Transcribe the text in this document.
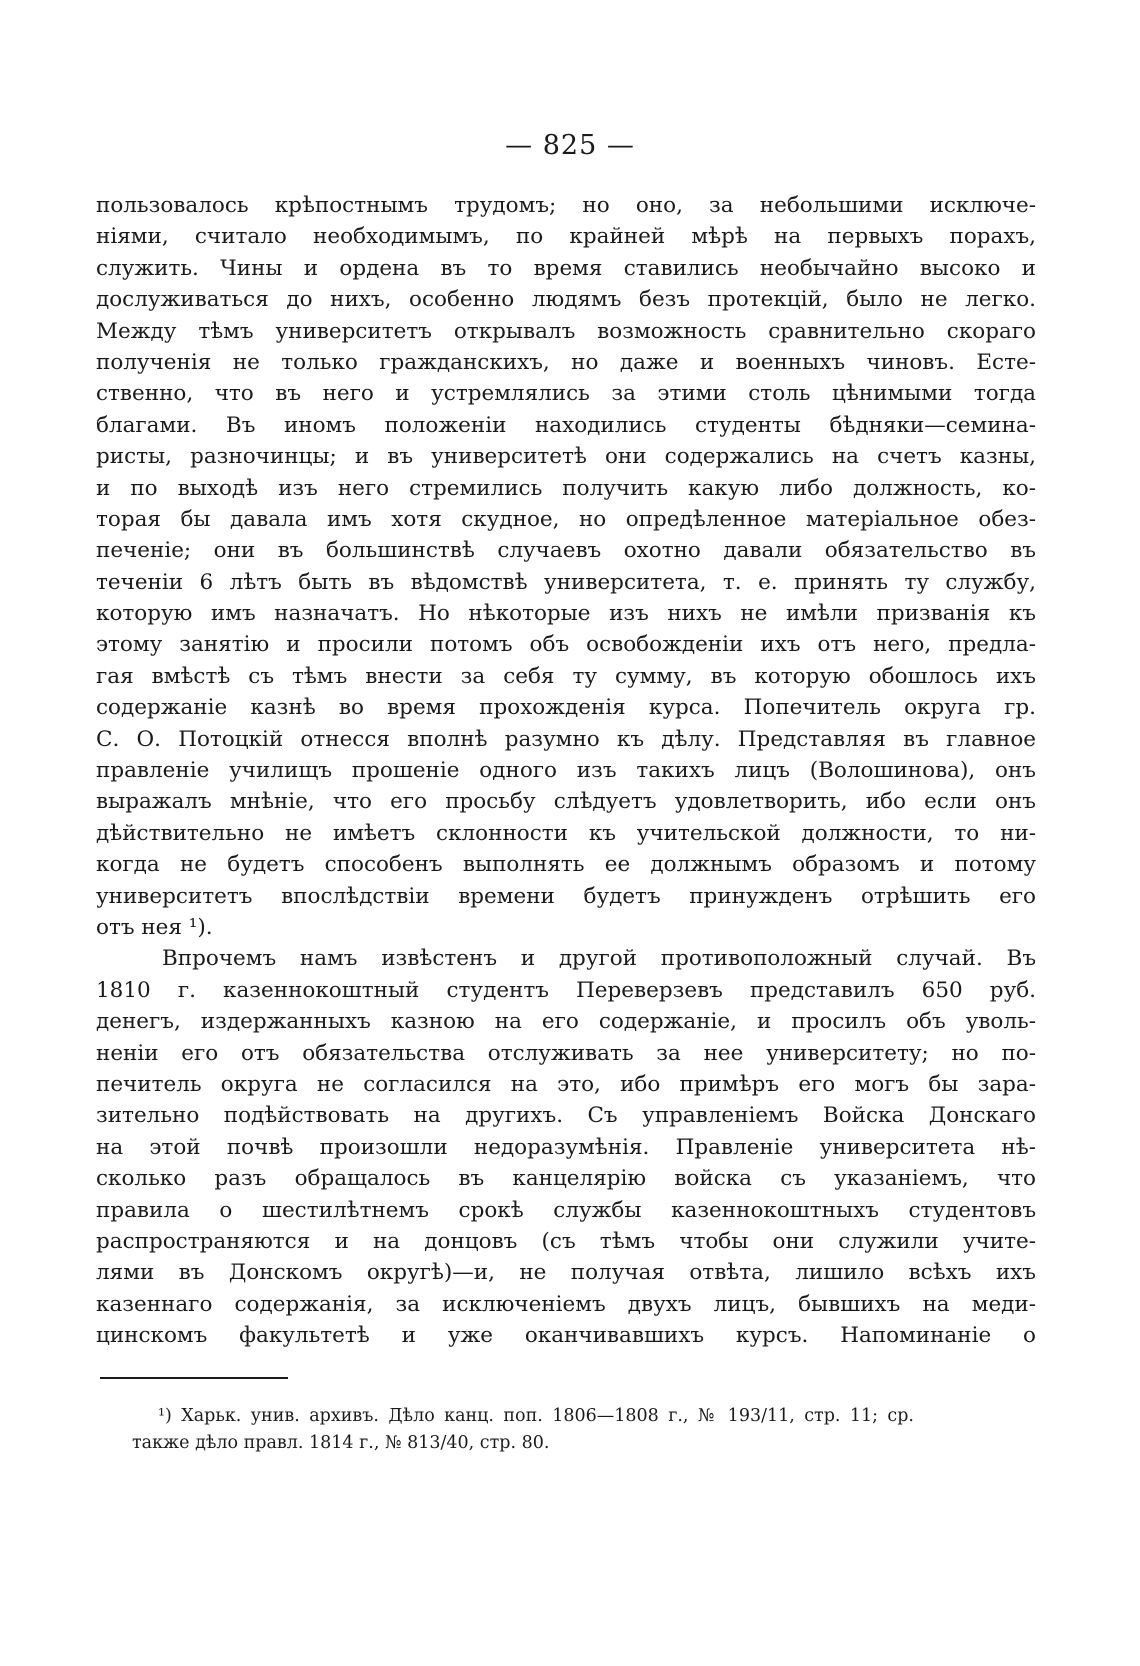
— 825 —
пользовалось крѣпостнымъ трудомъ; но оно, за небольшими исключе-
ніями, считало необходимымъ, по крайней мѣрѣ на первыхъ порахъ,
служить. Чины и ордена въ то время ставились необычайно высоко и
дослуживаться до нихъ, особенно людямъ безъ протекцій, было не легко.
Между тѣмъ университетъ открывалъ возможность сравнительно скораго
полученія не только гражданскихъ, но даже и военныхъ чиновъ. Есте-
ственно, что въ него и устремлялись за этими столь цѣнимыми тогда
благами. Въ иномъ положеніи находились студенты бѣдняки—семина-
ристы, разночинцы; и въ университетѣ они содержались на счетъ казны,
и по выходѣ изъ него стремились получить какую либо должность, ко-
торая бы давала имъ хотя скудное, но опредѣленное матеріальное обез-
печеніе; они въ большинствѣ случаевъ охотно давали обязательство въ
теченіи 6 лѣтъ быть въ вѣдомствѣ университета, т. е. принять ту службу,
которую имъ назначатъ. Но нѣкоторые изъ нихъ не имѣли призванія къ
этому занятію и просили потомъ объ освобожденіи ихъ отъ него, предла-
гая вмѣстѣ съ тѣмъ внести за себя ту сумму, въ которую обошлось ихъ
содержаніе казнѣ во время прохожденія курса. Попечитель округа гр.
С. О. Потоцкій отнесся вполнѣ разумно къ дѣлу. Представляя въ главное
правленіе училищъ прошеніе одного изъ такихъ лицъ (Волошинова), онъ
выражалъ мнѣніе, что его просьбу слѣдуетъ удовлетворить, ибо если онъ
дѣйствительно не имѣетъ склонности къ учительской должности, то ни-
когда не будетъ способенъ выполнять ее должнымъ образомъ и потому
университетъ впослѣдствіи времени будетъ принужденъ отрѣшить его
отъ нея ¹).
Впрочемъ намъ извѣстенъ и другой противоположный случай. Въ
1810 г. казеннокоштный студентъ Переверзевъ представилъ 650 руб.
денегъ, издержанныхъ казною на его содержаніе, и просилъ объ уволь-
неніи его отъ обязательства отслуживать за нее университету; но по-
печитель округа не согласился на это, ибо примѣръ его могъ бы зара-
зительно подѣйствовать на другихъ. Съ управленіемъ Войска Донскаго
на этой почвѣ произошли недоразумѣнія. Правленіе университета нѣ-
сколько разъ обращалось въ канцелярію войска съ указаніемъ, что
правила о шестилѣтнемъ срокѣ службы казеннокоштныхъ студентовъ
распространяются и на донцовъ (съ тѣмъ чтобы они служили учите-
лями въ Донскомъ округѣ)—и, не получая отвѣта, лишило всѣхъ ихъ
казеннаго содержанія, за исключеніемъ двухъ лицъ, бывшихъ на меди-
цинскомъ факультетѣ и уже оканчивавшихъ курсъ. Напоминаніе о
¹) Харьк. унив. архивъ. Дѣло канц. поп. 1806—1808 г., № 193/11, стр. 11; ср.
также дѣло правл. 1814 г., № 813/40, стр. 80.
